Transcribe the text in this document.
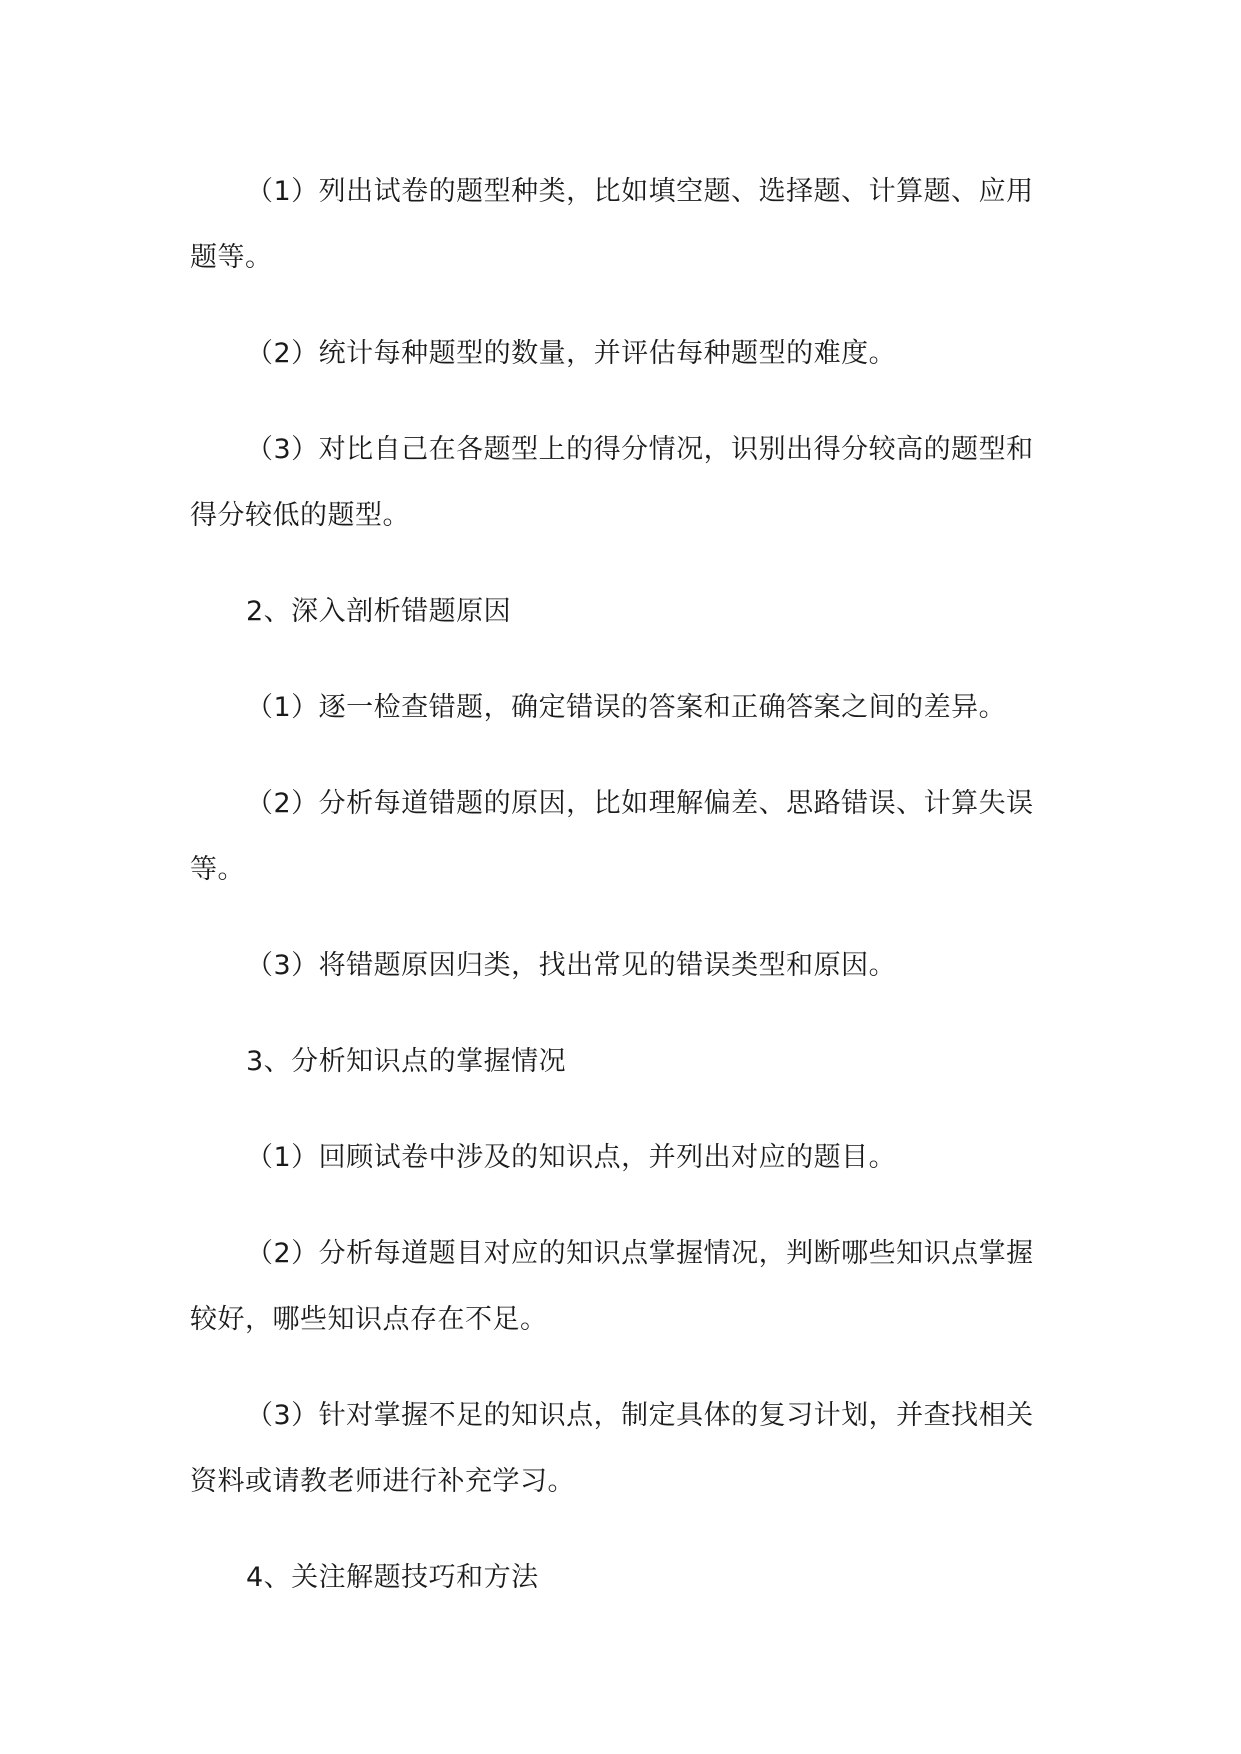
（1）列出试卷的题型种类，比如填空题、选择题、计算题、应用题等。

（2）统计每种题型的数量，并评估每种题型的难度。

（3）对比自己在各题型上的得分情况，识别出得分较高的题型和得分较低的题型。

2、深入剖析错题原因

（1）逐一检查错题，确定错误的答案和正确答案之间的差异。

（2）分析每道错题的原因，比如理解偏差、思路错误、计算失误等。

（3）将错题原因归类，找出常见的错误类型和原因。

3、分析知识点的掌握情况

（1）回顾试卷中涉及的知识点，并列出对应的题目。

（2）分析每道题目对应的知识点掌握情况，判断哪些知识点掌握较好，哪些知识点存在不足。

（3）针对掌握不足的知识点，制定具体的复习计划，并查找相关资料或请教老师进行补充学习。

4、关注解题技巧和方法
